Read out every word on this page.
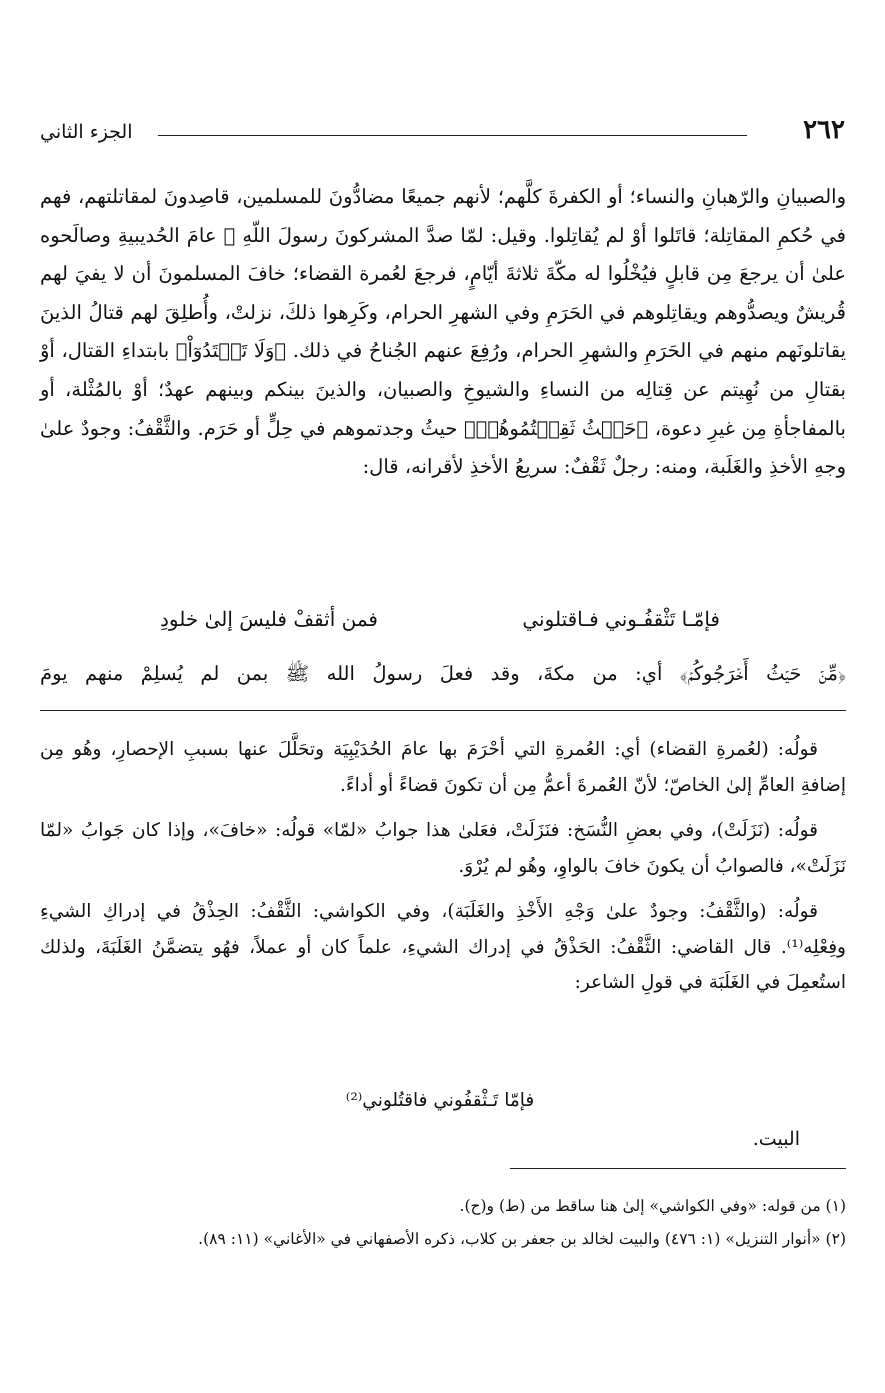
٢٦٢
الجزء الثاني

والصبيانِ والرّهبانِ والنساء؛ أو الكفرةَ كلَّهم؛ لأنهم جميعًا مضادُّونَ للمسلمين، قاصِدونَ لمقاتلتهم، فهم في حُكمِ المقاتِلة؛ قاتَلوا أوْ لم يُقاتِلوا. وقيل: لمّا صدَّ المشركونَ رسولَ اللّهِ ﷺ عامَ الحُديبيةِ وصالَحوه علىٰ أن يرجعَ مِن قابلٍ فيُخْلُوا له مكّةَ ثلاثةَ أيّامٍ، فرجعَ لعُمرة القضاء؛ خافَ المسلمونَ أن لا يفيَ لهم قُريشٌ ويصدُّوهم ويقاتِلوهم في الحَرَمِ وفي الشهرِ الحرام، وكَرِهوا ذلكَ، نزلتْ، وأُطلِقَ لهم قتالُ الذينَ يقاتلونَهم منهم في الحَرَمِ والشهرِ الحرام، ورُفِعَ عنهم الجُناحُ في ذلك. ﴿وَلَا تَعۡتَدُوٓاْ﴾ بابتداءِ القتال، أوْ بقتالِ من نُهِيتم عن قِتالِه من النساءِ والشيوخِ والصبيان، والذينَ بينكم وبينهم عهدٌ؛ أوْ بالمُثْلة، أو بالمفاجأةِ مِن غيرِ دعوة، ﴿حَيۡثُ ثَقِفۡتُمُوهُمۡ﴾ حيثُ وجدتموهم في حِلٍّ أو حَرَم. والثَّقْفُ: وجودٌ علىٰ وجهِ الأخذِ والغَلَبة، ومنه: رجلٌ ثَقْفٌ: سريعُ الأخذِ لأقرانه، قال:

فإمّـا تَثْقفُـوني فـاقتلوني
فمن أثقفْ فليسَ إلىٰ خلودِ
﴿مِّنۡ حَيۡثُ أَخۡرَجُوكُمۡ﴾ أي: من مكةَ، وقد فعلَ رسولُ الله ﷺ بمن لم يُسلِمْ منهم يومَ

قولُه: (لعُمرةِ القضاء) أي: العُمرةِ التي أحْرَمَ بها عامَ الحُدَيْبِيَة وتحَلَّلَ عنها بسببِ الإحصارِ، وهُو مِن إضافةِ العامِّ إلىٰ الخاصّ؛ لأنّ العُمرةَ أعمُّ مِن أن تكونَ قضاءً أو أداءً.

قولُه: (نَزَلَتْ)، وفي بعضِ النُّسَخ: فنَزَلَتْ، فعَلىٰ هذا جوابُ «لمّا» قولُه: «خافَ»، وإذا كان جَوابُ «لمّا نَزَلَتْ»، فالصوابُ أن يكونَ خافَ بالواوِ، وهُو لم يُرْوَ.

قولُه: (والثَّقْفُ: وجودٌ علىٰ وَجْهِ الأَخْذِ والغَلَبَة)، وفي الكواشي: الثَّقْفُ: الحِذْقُ في إدراكِ الشيءِ وفِعْلِه⁽¹⁾. قال القاضي: الثَّقْفُ: الحَذْقُ في إدراك الشيءِ، علماً كان أو عملاً، فهُو يتضمَّنُ الغَلَبَةَ، ولذلك استُعمِلَ في الغَلَبَة في قولِ الشاعر:

فإمّا تَـثْقفُوني فاقتُلوني⁽²⁾
البيت.
(١) من قوله: «وفي الكواشي» إلىٰ هنا ساقط من (ط) و(ح).
(٢) «أنوار التنزيل» (١: ٤٧٦) والبيت لخالد بن جعفر بن كلاب، ذكره الأصفهاني في «الأغاني» (١١: ٨٩).
